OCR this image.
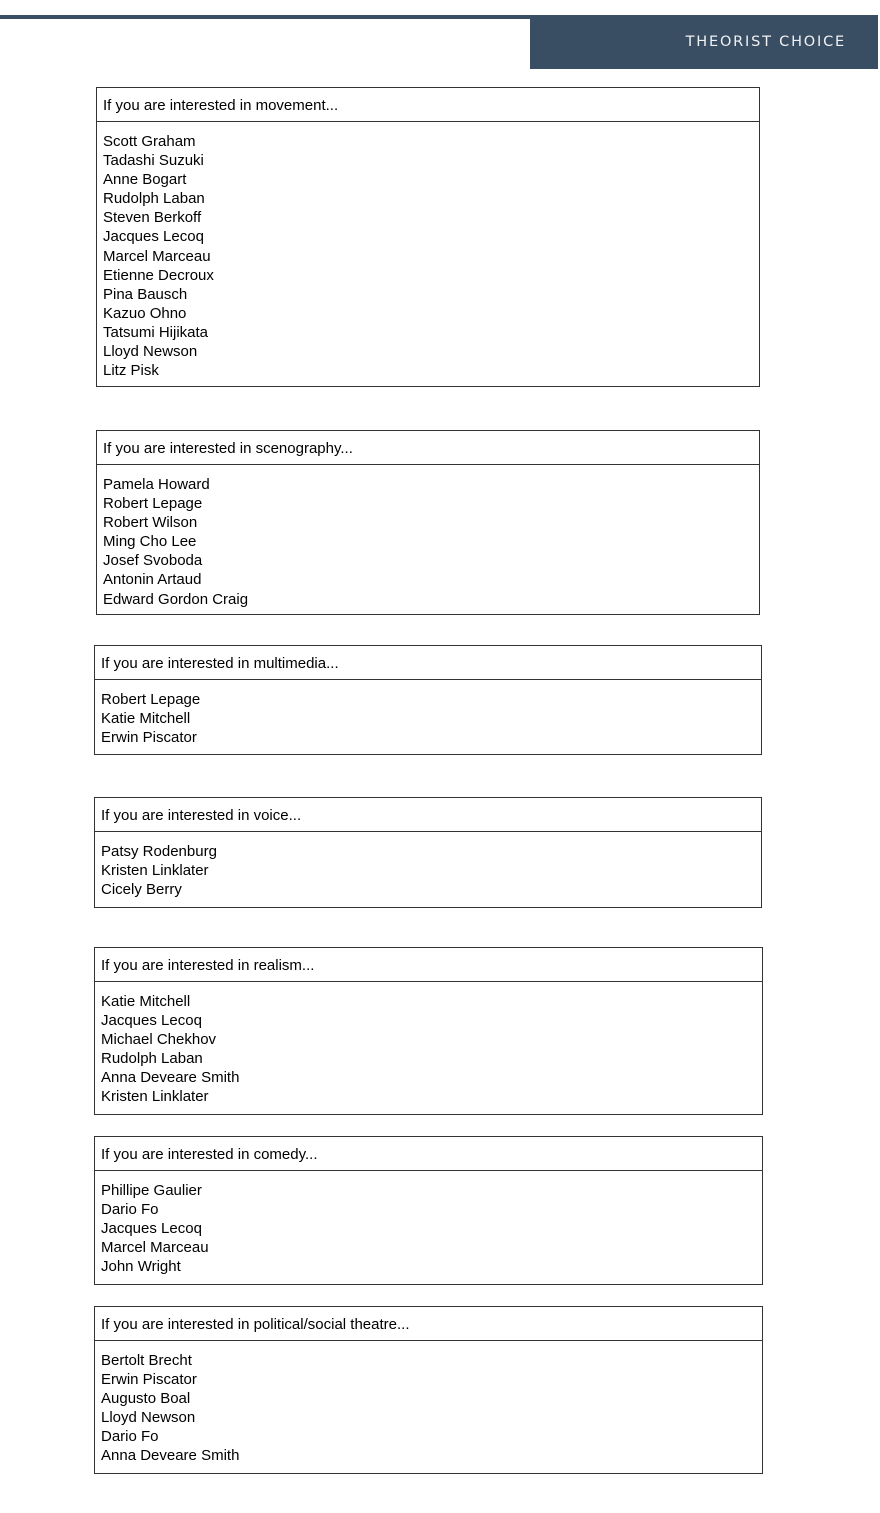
THEORIST CHOICE
If you are interested in movement...
Scott Graham
Tadashi Suzuki
Anne Bogart
Rudolph Laban
Steven Berkoff
Jacques Lecoq
Marcel Marceau
Etienne Decroux
Pina Bausch
Kazuo Ohno
Tatsumi Hijikata
Lloyd Newson
Litz Pisk
If you are interested in scenography...
Pamela Howard
Robert Lepage
Robert Wilson
Ming Cho Lee
Josef Svoboda
Antonin Artaud
Edward Gordon Craig
If you are interested in multimedia...
Robert Lepage
Katie Mitchell
Erwin Piscator
If you are interested in voice...
Patsy Rodenburg
Kristen Linklater
Cicely Berry
If you are interested in realism...
Katie Mitchell
Jacques Lecoq
Michael Chekhov
Rudolph Laban
Anna Deveare Smith
Kristen Linklater
If you are interested in comedy...
Phillipe Gaulier
Dario Fo
Jacques Lecoq
Marcel Marceau
John Wright
If you are interested in political/social theatre...
Bertolt Brecht
Erwin Piscator
Augusto Boal
Lloyd Newson
Dario Fo
Anna Deveare Smith
